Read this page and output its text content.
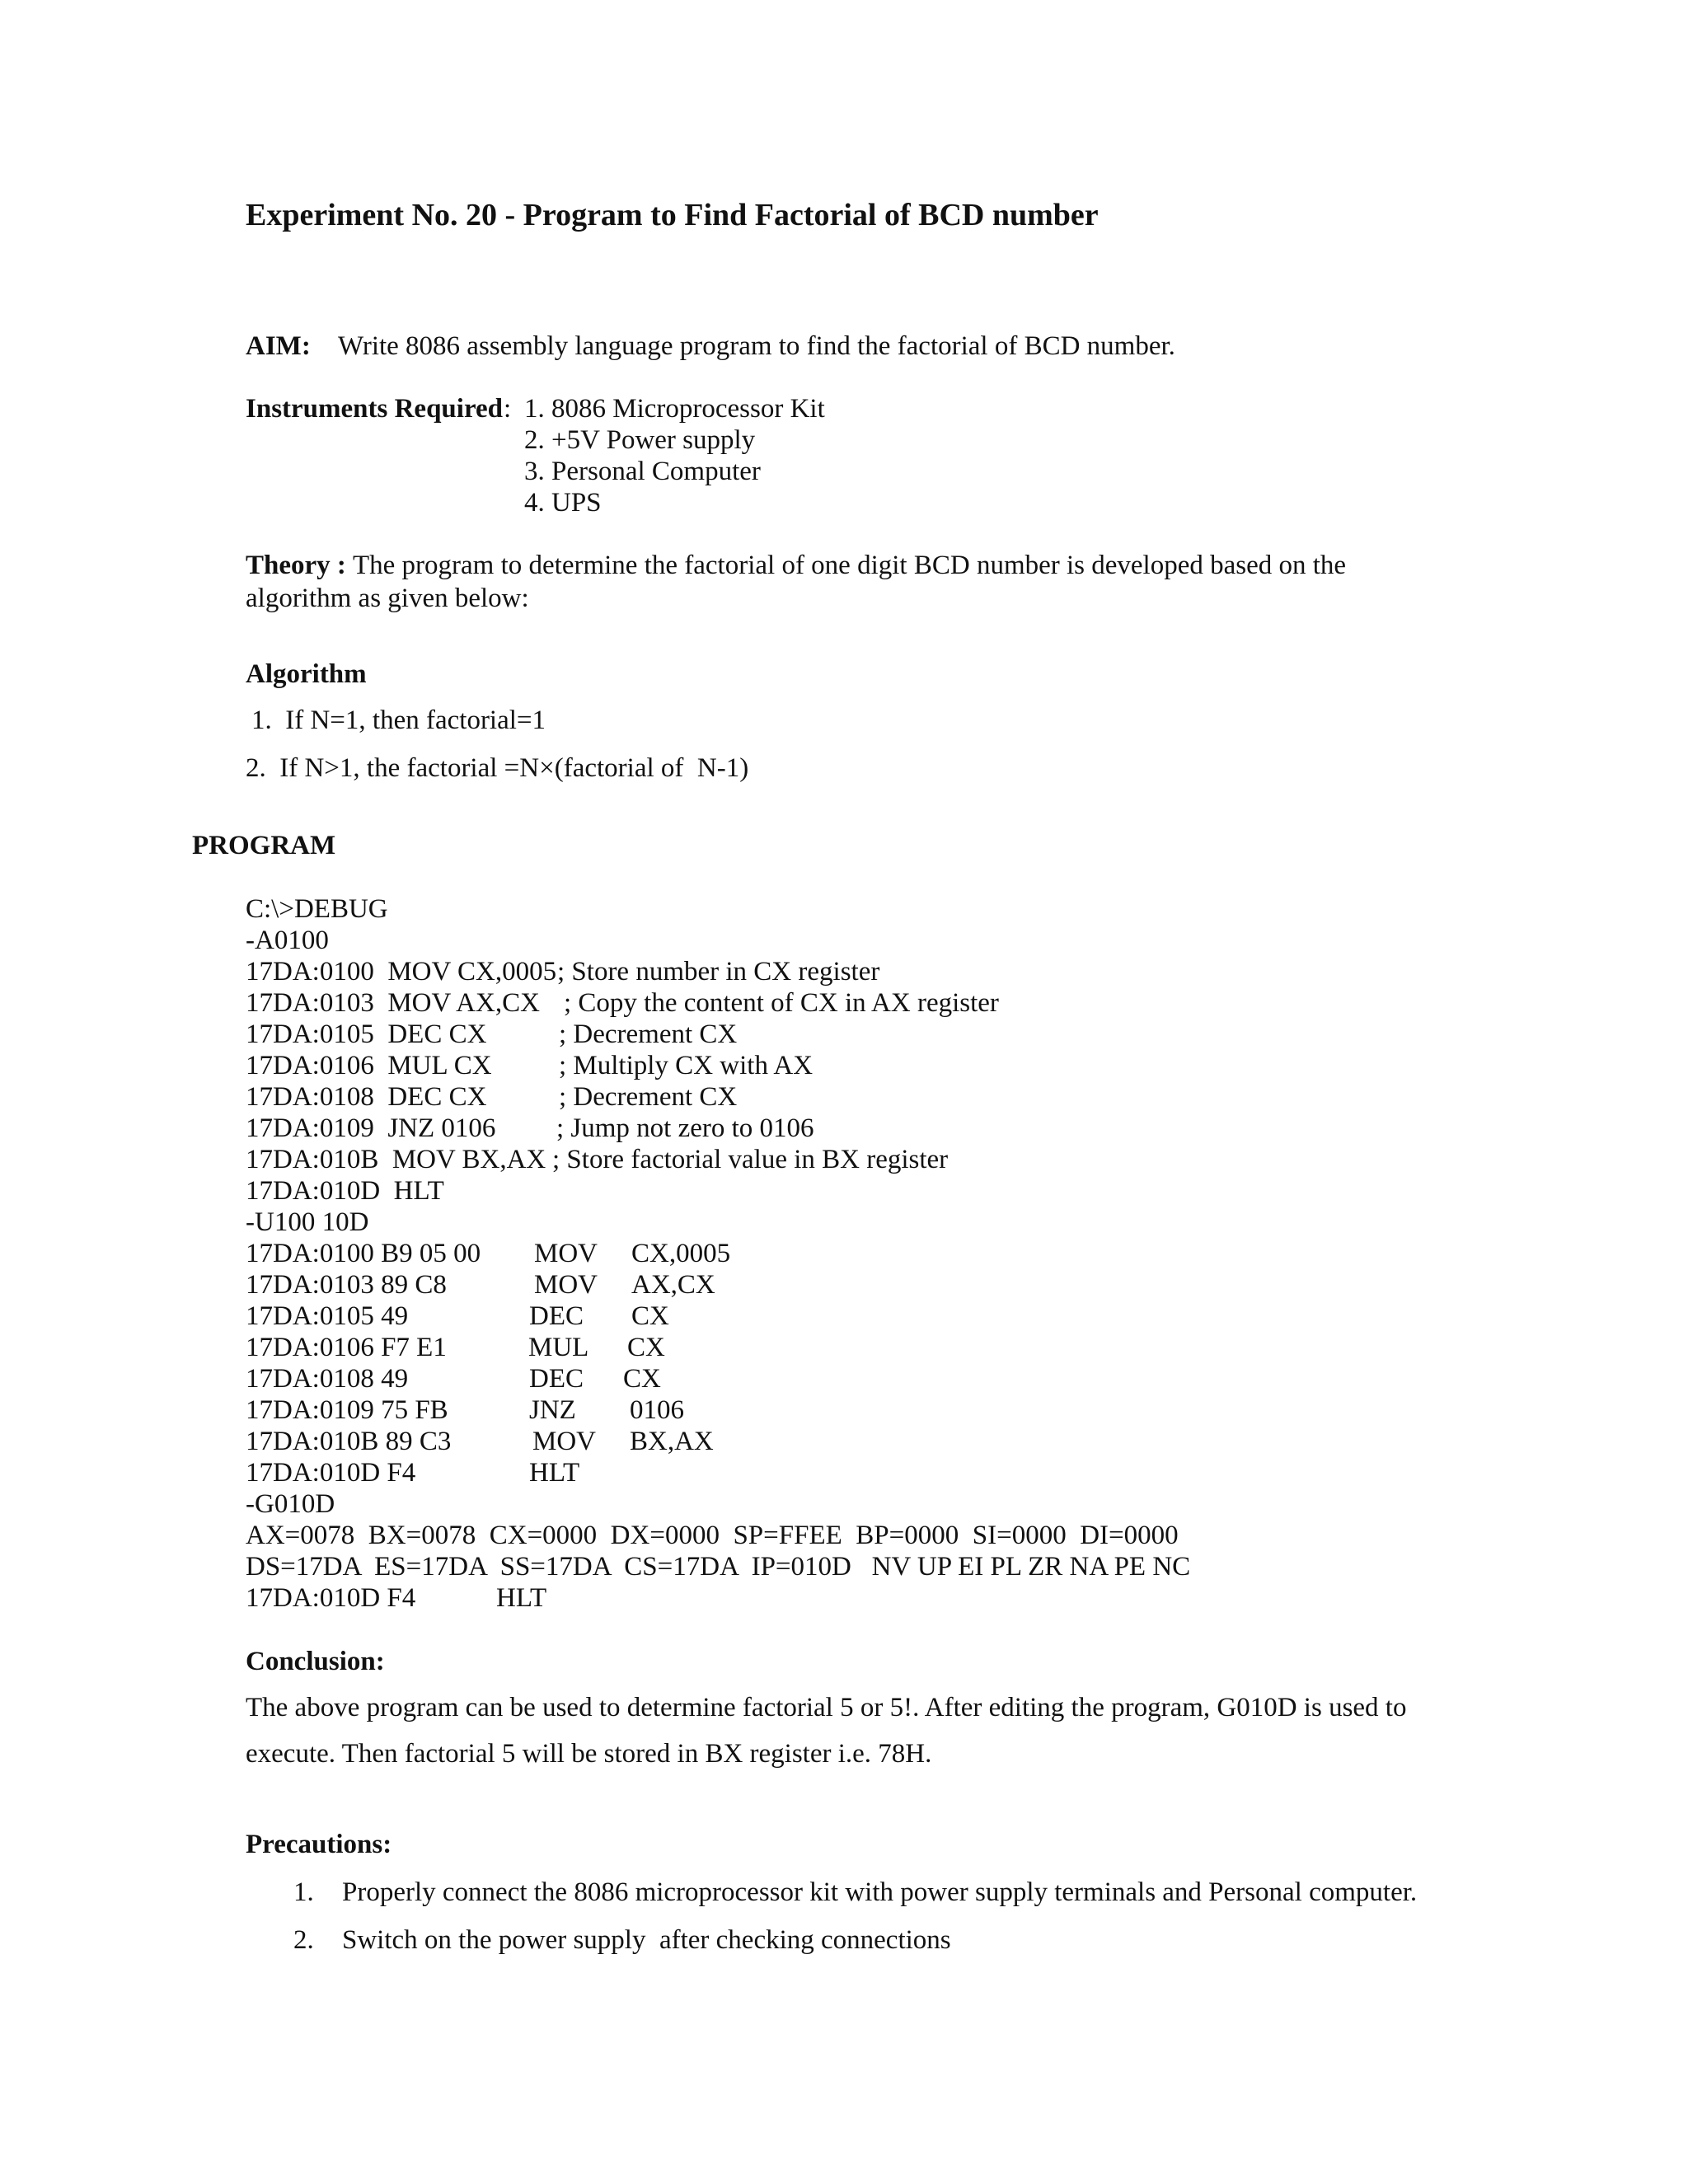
Experiment No. 20 - Program to Find Factorial of BCD number
AIM: Write 8086 assembly language program to find the factorial of BCD number.
Instruments Required : 1. 8086 Microprocessor Kit
2. +5V Power supply
3. Personal Computer
4. UPS
Theory : The program to determine the factorial of one digit BCD number is developed based on the
algorithm as given below:
Algorithm
1.  If N=1, then factorial=1
2.  If N>1, the factorial =N×(factorial of  N-1)
PROGRAM
C:\>DEBUG
-A0100
17DA:0100  MOV CX,0005 ; Store number in CX register
17DA:0103  MOV AX,CX ; Copy the content of CX in AX register
17DA:0105  DEC CX	; Decrement CX
17DA:0106  MUL CX ; Multiply CX with AX
17DA:0108  DEC CX	; Decrement CX
17DA:0109  JNZ 0106 ; Jump not zero to 0106
17DA:010B  MOV BX,AX ; Store factorial value in BX register
17DA:010D  HLT
-U100 10D
17DA:0100 B9 05 00 MOV CX,0005
17DA:0103 89 C8	MOV AX,CX
17DA:0105 49	DEC CX
17DA:0106 F7 E1	MUL CX
17DA:0108 49	DEC CX
17DA:0109 75 FB	JNZ 0106
17DA:010B 89 C3	MOV BX,AX
17DA:010D F4	HLT
-G010D
AX=0078  BX=0078  CX=0000  DX=0000  SP=FFEE  BP=0000  SI=0000  DI=0000
DS=17DA  ES=17DA  SS=17DA  CS=17DA  IP=010D   NV UP EI PL ZR NA PE NC
17DA:010D F4	HLT
Conclusion:
The above program can be used to determine factorial 5 or 5!. After editing the program, G010D is used to
execute. Then factorial 5 will be stored in BX register i.e. 78H.
Precautions:
1. Properly connect the 8086 microprocessor kit with power supply terminals and Personal computer.
2. Switch on the power supply  after checking connections
